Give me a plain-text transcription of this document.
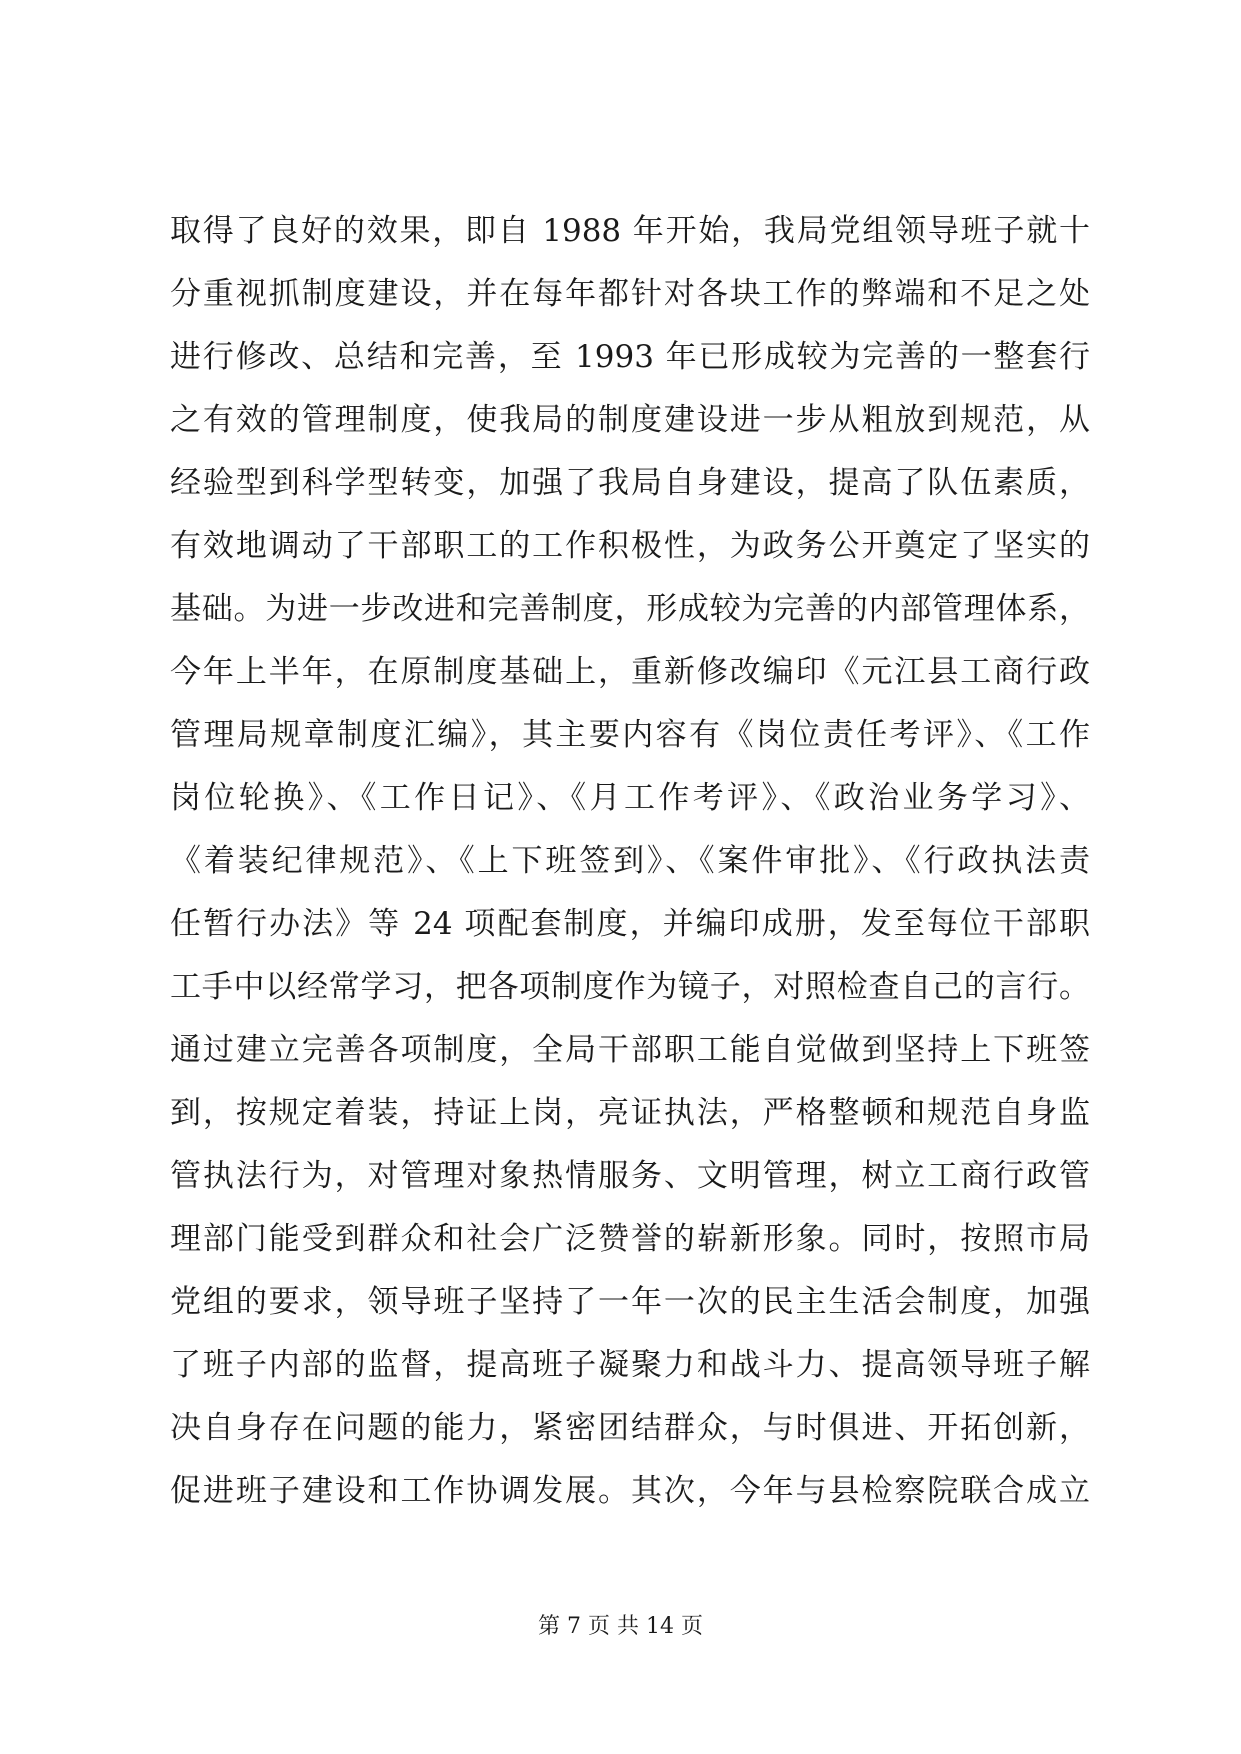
取得了良好的效果，即自 1988 年开始，我局党组领导班子就十
分重视抓制度建设，并在每年都针对各块工作的弊端和不足之处
进行修改、总结和完善，至 1993 年已形成较为完善的一整套行
之有效的管理制度，使我局的制度建设进一步从粗放到规范，从
经验型到科学型转变，加强了我局自身建设，提高了队伍素质，
有效地调动了干部职工的工作积极性，为政务公开奠定了坚实的
基础。为进一步改进和完善制度，形成较为完善的内部管理体系，
今年上半年，在原制度基础上，重新修改编印《元江县工商行政
管理局规章制度汇编》，其主要内容有《岗位责任考评》、《工作
岗位轮换》、《工作日记》、《月工作考评》、《政治业务学习》、
《着装纪律规范》、《上下班签到》、《案件审批》、《行政执法责
任暂行办法》等 24 项配套制度，并编印成册，发至每位干部职
工手中以经常学习，把各项制度作为镜子，对照检查自己的言行。
通过建立完善各项制度，全局干部职工能自觉做到坚持上下班签
到，按规定着装，持证上岗，亮证执法，严格整顿和规范自身监
管执法行为，对管理对象热情服务、文明管理，树立工商行政管
理部门能受到群众和社会广泛赞誉的崭新形象。同时，按照市局
党组的要求，领导班子坚持了一年一次的民主生活会制度，加强
了班子内部的监督，提高班子凝聚力和战斗力、提高领导班子解
决自身存在问题的能力，紧密团结群众，与时俱进、开拓创新，
促进班子建设和工作协调发展。其次，今年与县检察院联合成立
第 7 页 共 14 页
